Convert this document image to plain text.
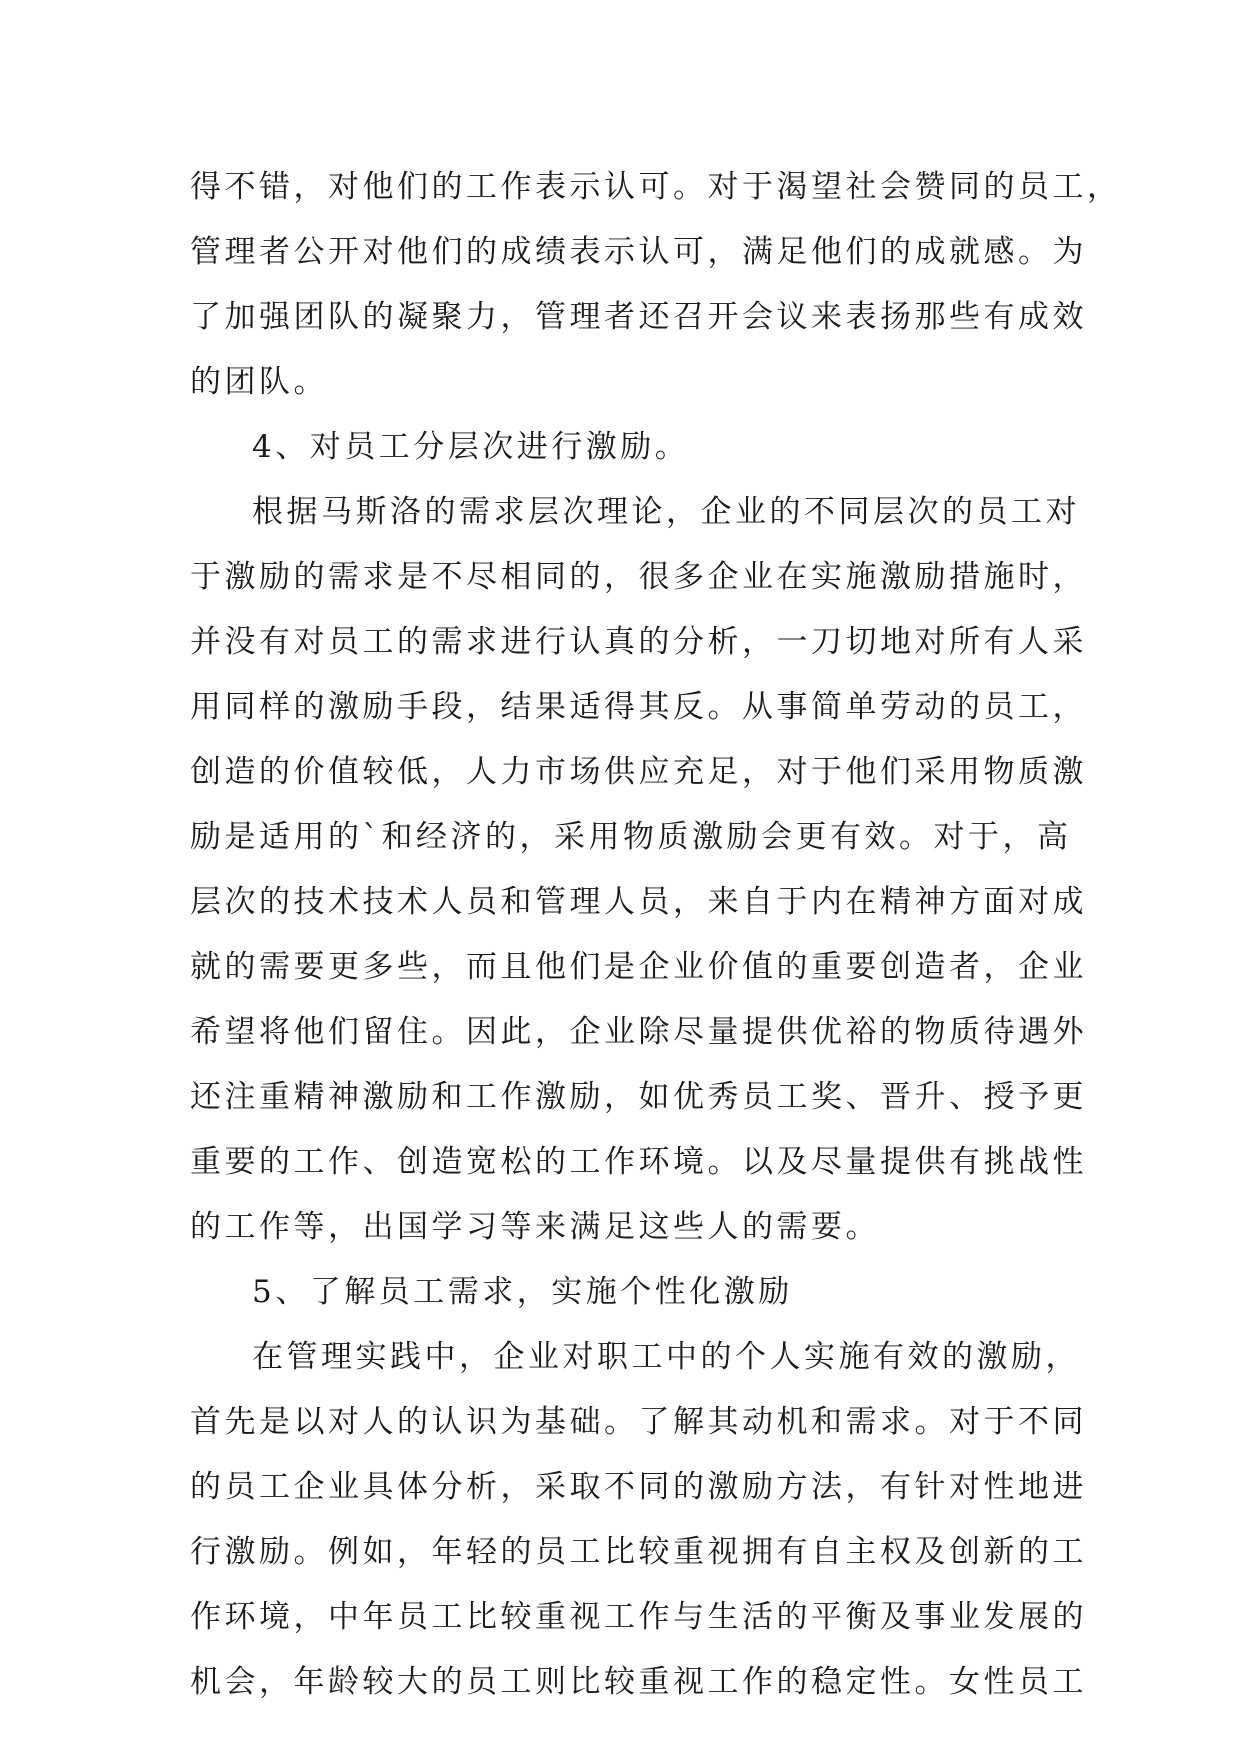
得不错，对他们的工作表示认可。对于渴望社会赞同的员工，
管理者公开对他们的成绩表示认可，满足他们的成就感。为
了加强团队的凝聚力，管理者还召开会议来表扬那些有成效
的团队。
4、对员工分层次进行激励。
根据马斯洛的需求层次理论，企业的不同层次的员工对
于激励的需求是不尽相同的，很多企业在实施激励措施时，
并没有对员工的需求进行认真的分析，一刀切地对所有人采
用同样的激励手段，结果适得其反。从事简单劳动的员工，
创造的价值较低，人力市场供应充足，对于他们采用物质激
励是适用的`和经济的，采用物质激励会更有效。对于，高
层次的技术技术人员和管理人员，来自于内在精神方面对成
就的需要更多些，而且他们是企业价值的重要创造者，企业
希望将他们留住。因此，企业除尽量提供优裕的物质待遇外
还注重精神激励和工作激励，如优秀员工奖、晋升、授予更
重要的工作、创造宽松的工作环境。以及尽量提供有挑战性
的工作等，出国学习等来满足这些人的需要。
5、了解员工需求，实施个性化激励
在管理实践中，企业对职工中的个人实施有效的激励，
首先是以对人的认识为基础。了解其动机和需求。对于不同
的员工企业具体分析，采取不同的激励方法，有针对性地进
行激励。例如，年轻的员工比较重视拥有自主权及创新的工
作环境，中年员工比较重视工作与生活的平衡及事业发展的
机会，年龄较大的员工则比较重视工作的稳定性。女性员工
